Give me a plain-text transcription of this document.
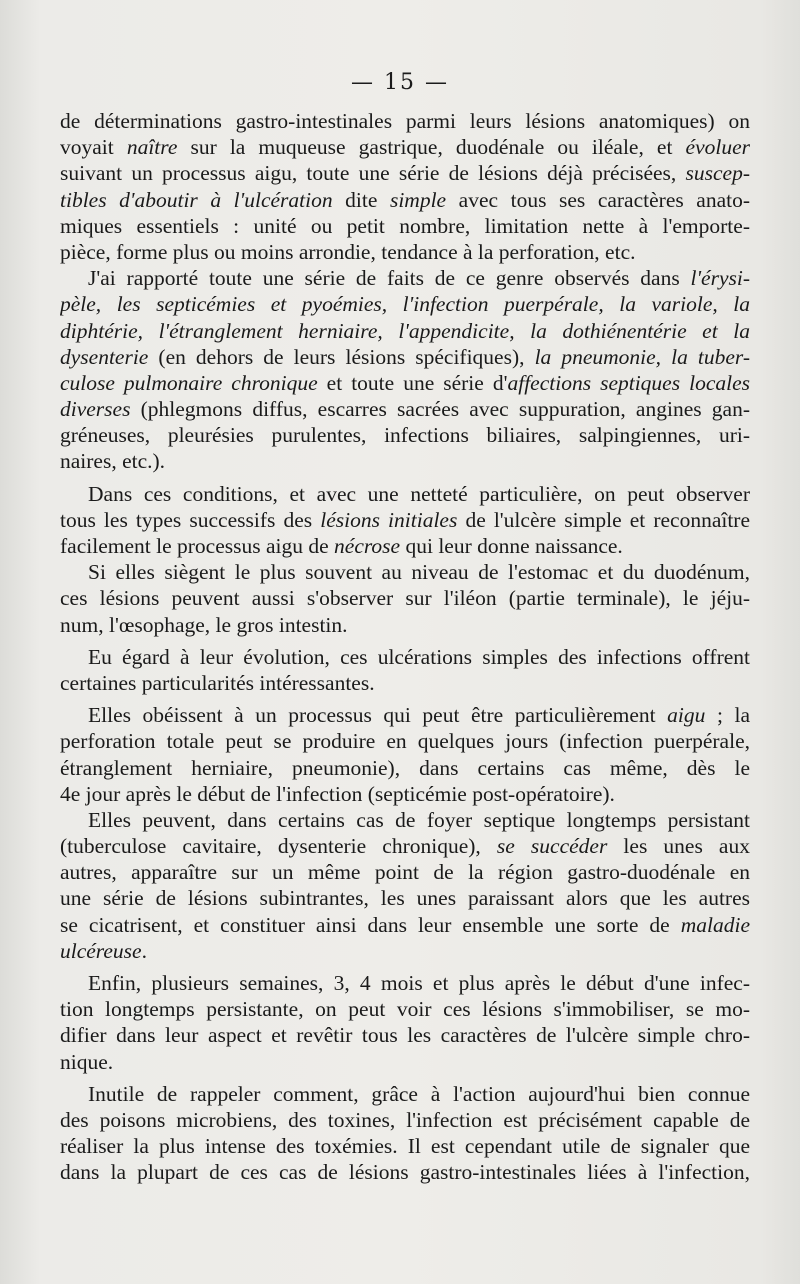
— 15 —
de déterminations gastro-intestinales parmi leurs lésions anatomiques) on
voyait naître sur la muqueuse gastrique, duodénale ou iléale, et évoluer
suivant un processus aigu, toute une série de lésions déjà précisées, suscep-
tibles d'aboutir à l'ulcération dite simple avec tous ses caractères anato-
miques essentiels : unité ou petit nombre, limitation nette à l'emporte-
pièce, forme plus ou moins arrondie, tendance à la perforation, etc.
J'ai rapporté toute une série de faits de ce genre observés dans l'érysi-
pèle, les septicémies et pyoémies, l'infection puerpérale, la variole, la
diphtérie, l'étranglement herniaire, l'appendicite, la dothiénentérie et la
dysenterie (en dehors de leurs lésions spécifiques), la pneumonie, la tuber-
culose pulmonaire chronique et toute une série d'affections septiques locales
diverses (phlegmons diffus, escarres sacrées avec suppuration, angines gan-
gréneuses, pleurésies purulentes, infections biliaires, salpingiennes, uri-
naires, etc.).
Dans ces conditions, et avec une netteté particulière, on peut observer
tous les types successifs des lésions initiales de l'ulcère simple et reconnaître
facilement le processus aigu de nécrose qui leur donne naissance.
Si elles siègent le plus souvent au niveau de l'estomac et du duodénum,
ces lésions peuvent aussi s'observer sur l'iléon (partie terminale), le jéju-
num, l'œsophage, le gros intestin.
Eu égard à leur évolution, ces ulcérations simples des infections offrent
certaines particularités intéressantes.
Elles obéissent à un processus qui peut être particulièrement aigu ; la
perforation totale peut se produire en quelques jours (infection puerpérale,
étranglement herniaire, pneumonie), dans certains cas même, dès le
4e jour après le début de l'infection (septicémie post-opératoire).
Elles peuvent, dans certains cas de foyer septique longtemps persistant
(tuberculose cavitaire, dysenterie chronique), se succéder les unes aux
autres, apparaître sur un même point de la région gastro-duodénale en
une série de lésions subintrantes, les unes paraissant alors que les autres
se cicatrisent, et constituer ainsi dans leur ensemble une sorte de maladie
ulcéreuse.
Enfin, plusieurs semaines, 3, 4 mois et plus après le début d'une infec-
tion longtemps persistante, on peut voir ces lésions s'immobiliser, se mo-
difier dans leur aspect et revêtir tous les caractères de l'ulcère simple chro-
nique.
Inutile de rappeler comment, grâce à l'action aujourd'hui bien connue
des poisons microbiens, des toxines, l'infection est précisément capable de
réaliser la plus intense des toxémies. Il est cependant utile de signaler que
dans la plupart de ces cas de lésions gastro-intestinales liées à l'infection,
